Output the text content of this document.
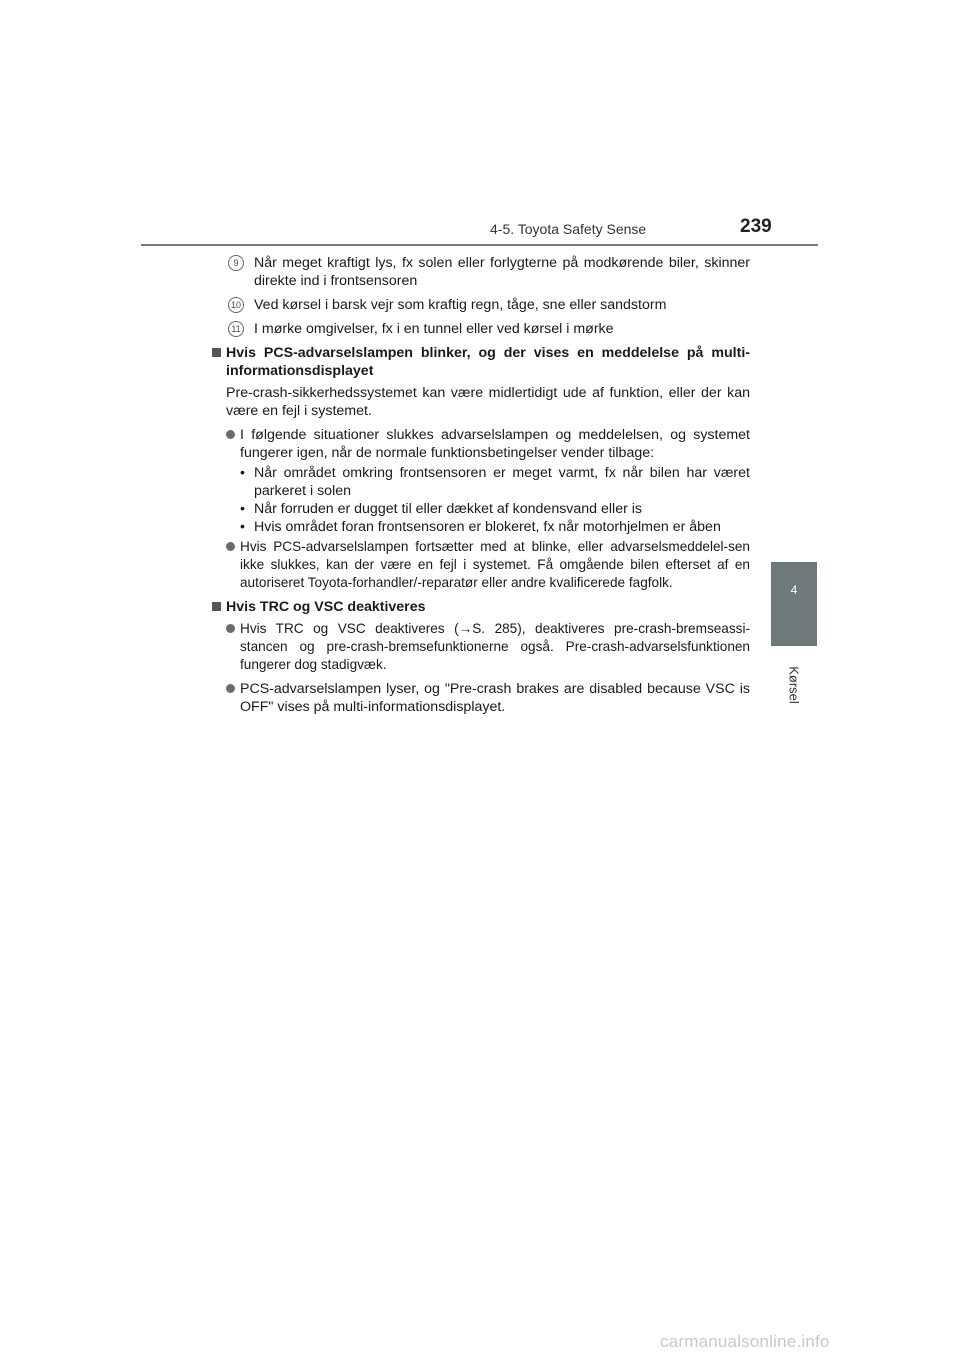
4-5. Toyota Safety Sense	239
4
Kørsel
9	Når meget kraftigt lys, fx solen eller forlygterne på modkørende biler, skinner direkte ind i frontsensoren
10 Ved kørsel i barsk vejr som kraftig regn, tåge, sne eller sandstorm
11 I mørke omgivelser, fx i en tunnel eller ved kørsel i mørke
Hvis PCS-advarselslampen blinker, og der vises en meddelelse på multi-informationsdisplayet
Pre-crash-sikkerhedssystemet kan være midlertidigt ude af funktion, eller der kan være en fejl i systemet.
I følgende situationer slukkes advarselslampen og meddelelsen, og systemet fungerer igen, når de normale funktionsbetingelser vender tilbage:
• Når området omkring frontsensoren er meget varmt, fx når bilen har været parkeret i solen
• Når forruden er dugget til eller dækket af kondensvand eller is
• Hvis området foran frontsensoren er blokeret, fx når motorhjelmen er åben
Hvis PCS-advarselslampen fortsætter med at blinke, eller advarselsmeddelel-sen ikke slukkes, kan der være en fejl i systemet. Få omgående bilen efterset af en autoriseret Toyota-forhandler/-reparatør eller andre kvalificerede fagfolk.
Hvis TRC og VSC deaktiveres
Hvis TRC og VSC deaktiveres (→S. 285), deaktiveres pre-crash-bremseassi-stancen og pre-crash-bremsefunktionerne også. Pre-crash-advarselsfunktionen fungerer dog stadigvæk.
PCS-advarselslampen lyser, og "Pre-crash brakes are disabled because VSC is OFF" vises på multi-informationsdisplayet.
carmanualsonline.info
